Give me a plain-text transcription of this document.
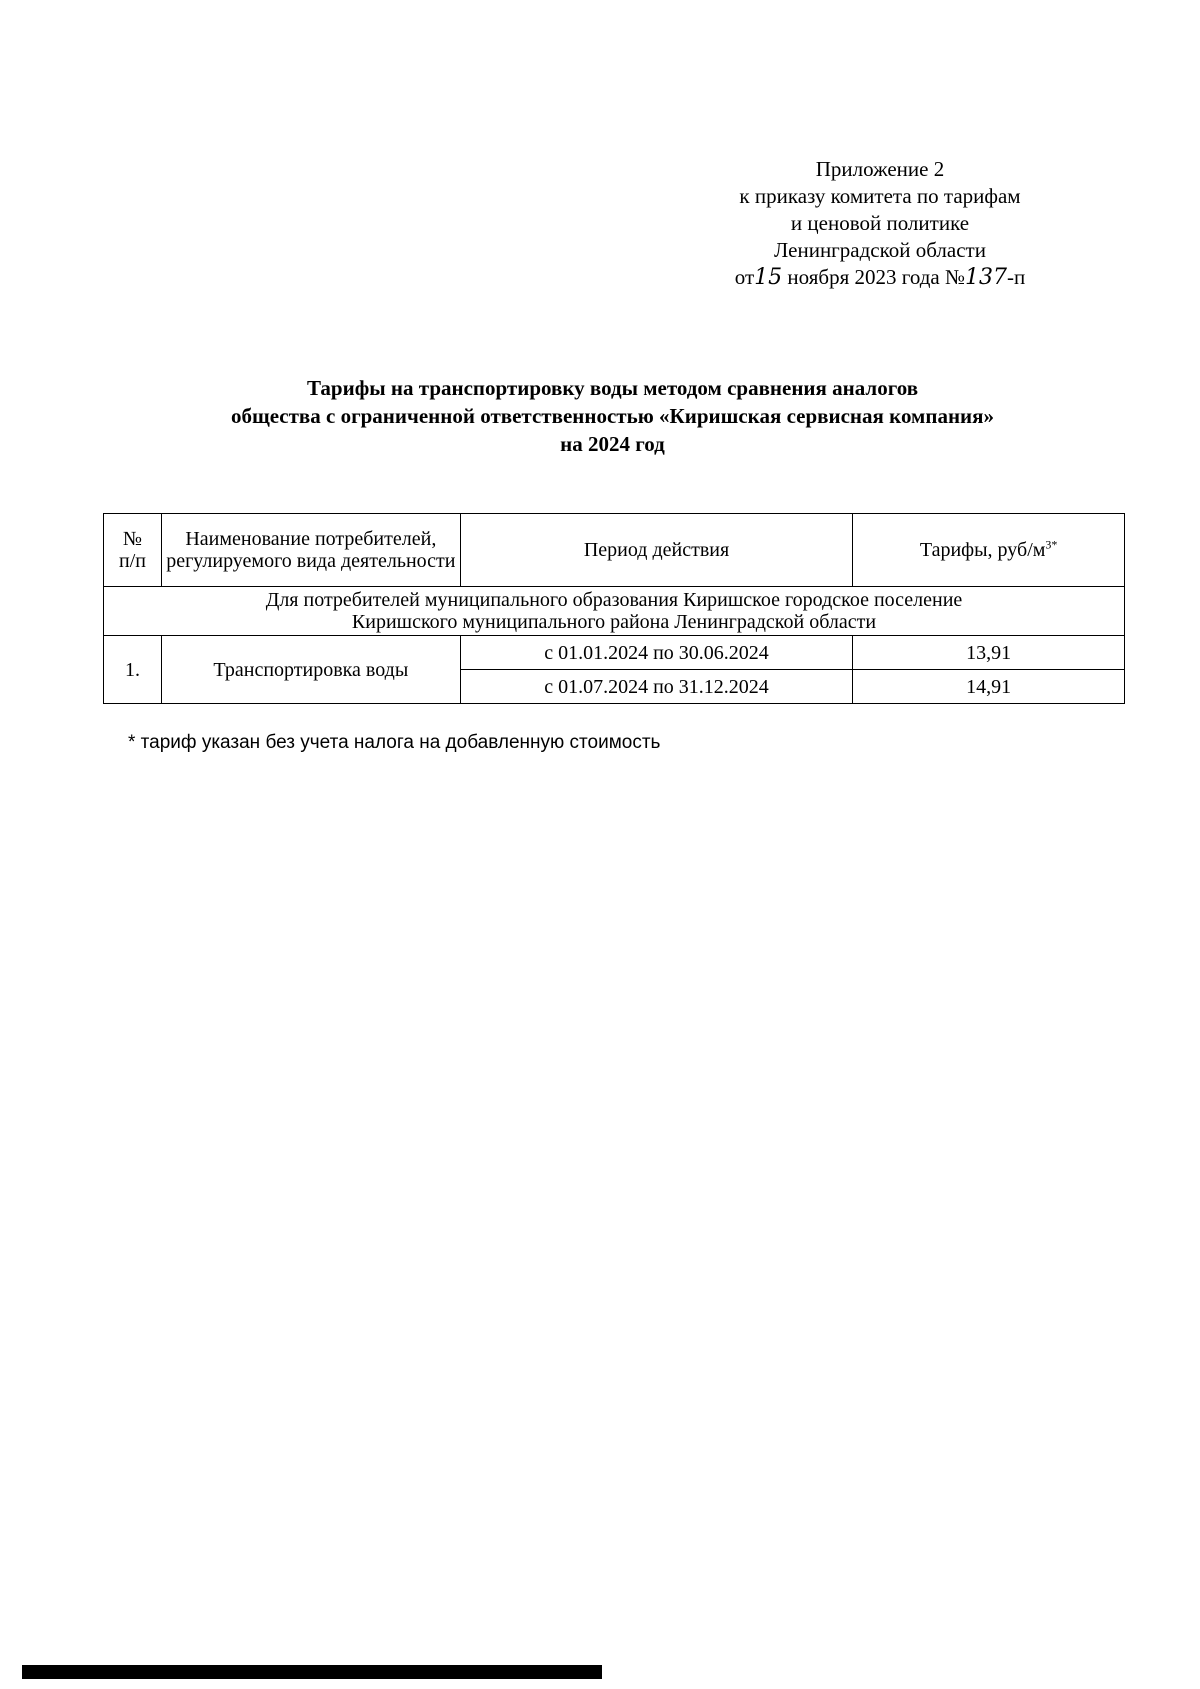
Приложение 2
к приказу комитета по тарифам
и ценовой политике
Ленинградской области
от15 ноября 2023 года №137-п
Тарифы на транспортировку воды методом сравнения аналогов
общества с ограниченной ответственностью «Киришская сервисная компания»
на 2024 год
№
п/п	Наименование потребителей, регулируемого вида деятельности	Период действия	Тарифы, руб/$м^{3*}$
Для потребителей муниципального образования Киришское городское поселение
Киришского муниципального района Ленинградской области			
1.	Транспортировка воды	с 01.01.2024 по 30.06.2024	13,91
		с 01.07.2024 по 31.12.2024	14,91
* тариф указан без учета налога на добавленную стоимость
